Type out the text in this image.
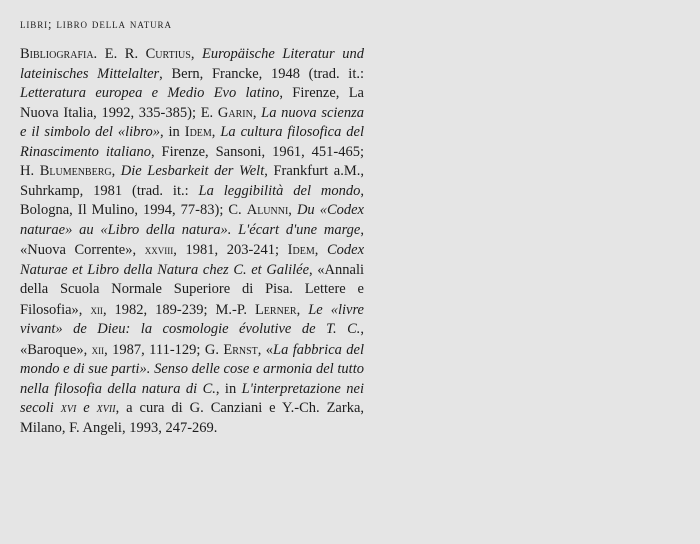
libri; libro della natura

Bibliografia. E. R. Curtius, Europäische Literatur und lateinisches Mittelalter, Bern, Francke, 1948 (trad. it.: Letteratura europea e Medio Evo latino, Firenze, La Nuova Italia, 1992, 335-385); E. Garin, La nuova scienza e il simbolo del «libro», in Idem, La cultura filosofica del Rinascimento italiano, Firenze, Sansoni, 1961, 451-465; H. Blumenberg, Die Lesbarkeit der Welt, Frankfurt a.M., Suhrkamp, 1981 (trad. it.: La leggibilità del mondo, Bologna, Il Mulino, 1994, 77-83); C. Alunni, Du «Codex naturae» au «Libro della natura». L'écart d'une marge, «Nuova Corrente», xxviii, 1981, 203-241; Idem, Codex Naturae et Libro della Natura chez C. et Galilée, «Annali della Scuola Normale Superiore di Pisa. Lettere e Filosofia», xii, 1982, 189-239; M.-P. Lerner, Le «livre vivant» de Dieu: la cosmologie évolutive de T. C., «Baroque», xii, 1987, 111-129; G. Ernst, «La fabbrica del mondo e di sue parti». Senso delle cose e armonia del tutto nella filosofia della natura di C., in L'interpretazione nei secoli xvi e xvii, a cura di G. Canziani e Y.-Ch. Zarka, Milano, F. Angeli, 1993, 247-269.
